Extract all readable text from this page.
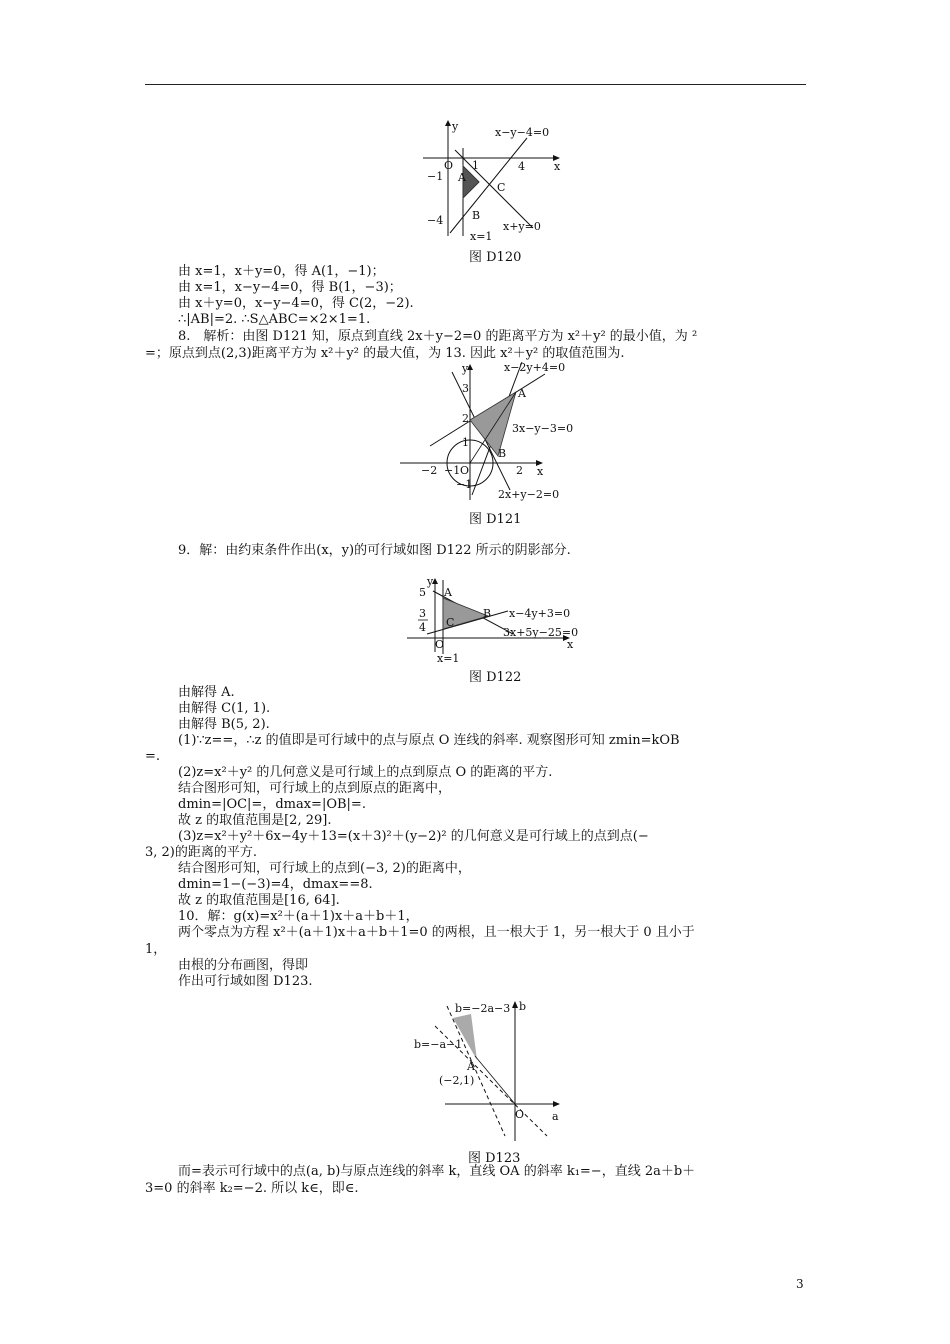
y
x
O 1	4
−1
−4
A
B
C
x−y−4=0
x+y=0
x=1
图 D120
由 x=1，x＋y=0，得 A(1，−1)；
由 x=1，x−y−4=0，得 B(1，−3)；
由 x＋y=0，x−y−4=0，得 C(2，−2).
∴|AB|=2. ∴S△ABC=×2×1=1.
8.　解析：由图 D121 知，原点到直线 2x＋y−2=0 的距离平方为 x²＋y² 的最小值，为 ²
=；原点到点(2,3)距离平方为 x²＋y² 的最大值，为 13. 因此 x²＋y² 的取值范围为.
y
x
O
3
2
1
−1
−2 −1	2
A
B
x−2y+4=0
3x−y−3=0
2x+y−2=0
图 D121
9．解：由约束条件作出(x，y)的可行域如图 D122 所示的阴影部分.
y
x
O
5
3
4
A
B
C
x−4y+3=0
3x+5y−25=0
x=1
图 D122
由解得 A.
由解得 C(1, 1).
由解得 B(5, 2).
(1)∵z==，∴z 的值即是可行域中的点与原点 O 连线的斜率. 观察图形可知 zmin=kOB
=.
(2)z=x²＋y² 的几何意义是可行域上的点到原点 O 的距离的平方.
结合图形可知，可行域上的点到原点的距离中，
dmin=|OC|=，dmax=|OB|=.
故 z 的取值范围是[2, 29].
(3)z=x²＋y²＋6x−4y＋13=(x＋3)²＋(y−2)² 的几何意义是可行域上的点到点(−
3, 2)的距离的平方.
结合图形可知，可行域上的点到(−3, 2)的距离中，
dmin=1−(−3)=4，dmax==8.
故 z 的取值范围是[16, 64].
10．解：g(x)=x²＋(a＋1)x＋a＋b＋1，
两个零点为方程 x²＋(a＋1)x＋a＋b＋1=0 的两根，且一根大于 1，另一根大于 0 且小于
1，
由根的分布画图，得即
作出可行域如图 D123.
b
a
O
b=−2a−3
b=−a−1
A
(−2,1)
图 D123
而=表示可行域中的点(a, b)与原点连线的斜率 k，直线 OA 的斜率 k₁=−，直线 2a＋b＋
3=0 的斜率 k₂=−2. 所以 k∈，即∈.
3
